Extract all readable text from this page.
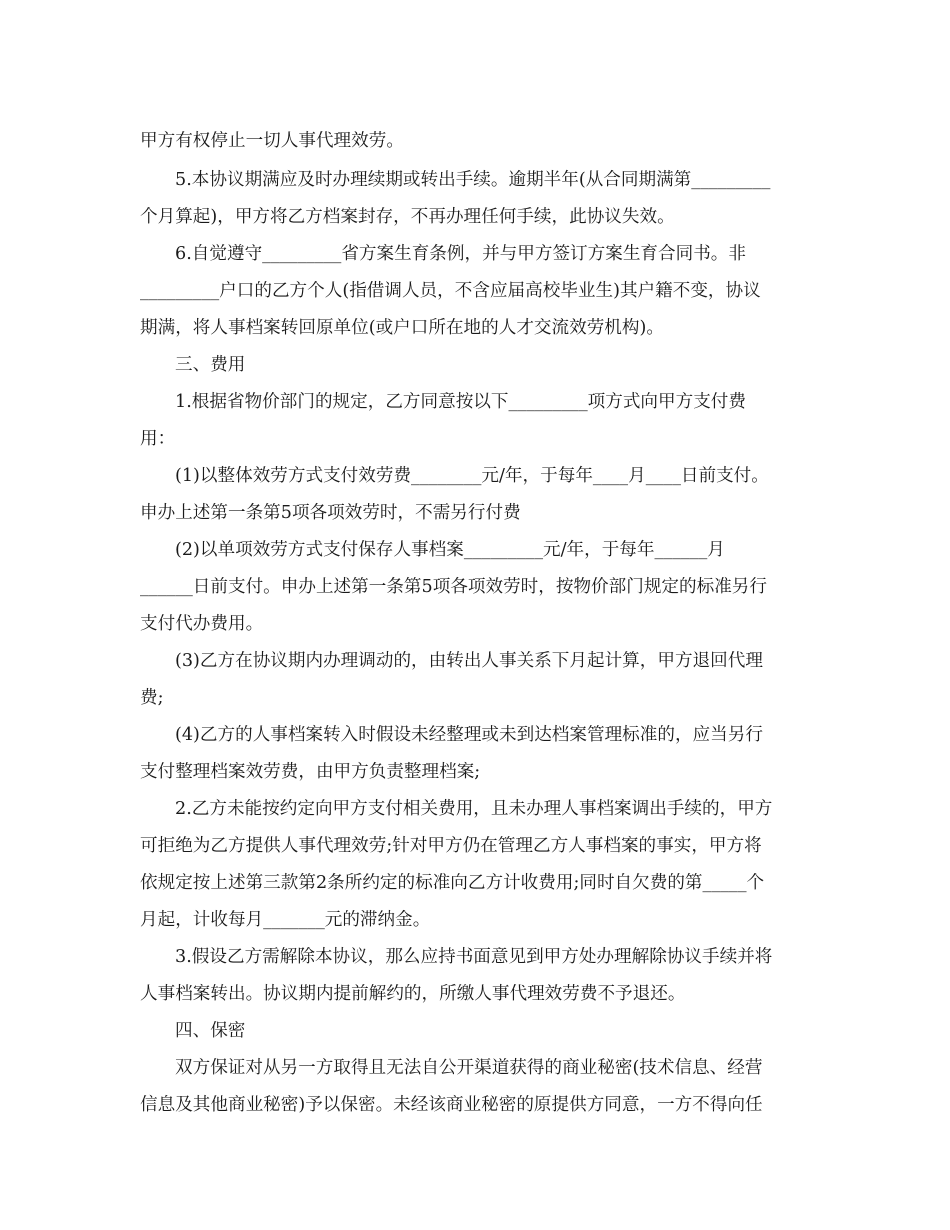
甲方有权停止一切人事代理效劳。
5.本协议期满应及时办理续期或转出手续。逾期半年(从合同期满第_________
个月算起)，甲方将乙方档案封存，不再办理任何手续，此协议失效。
6.自觉遵守_________省方案生育条例，并与甲方签订方案生育合同书。非
_________户口的乙方个人(指借调人员，不含应届高校毕业生)其户籍不变，协议
期满，将人事档案转回原单位(或户口所在地的人才交流效劳机构)。
三、费用
1.根据省物价部门的规定，乙方同意按以下_________项方式向甲方支付费
用：
(1)以整体效劳方式支付效劳费________元/年，于每年____月____日前支付。
申办上述第一条第5项各项效劳时，不需另行付费
(2)以单项效劳方式支付保存人事档案_________元/年，于每年______月
______日前支付。申办上述第一条第5项各项效劳时，按物价部门规定的标准另行
支付代办费用。
(3)乙方在协议期内办理调动的，由转出人事关系下月起计算，甲方退回代理
费;
(4)乙方的人事档案转入时假设未经整理或未到达档案管理标准的，应当另行
支付整理档案效劳费，由甲方负责整理档案;
2.乙方未能按约定向甲方支付相关费用，且未办理人事档案调出手续的，甲方
可拒绝为乙方提供人事代理效劳;针对甲方仍在管理乙方人事档案的事实，甲方将
依规定按上述第三款第2条所约定的标准向乙方计收费用;同时自欠费的第_____个
月起，计收每月_______元的滞纳金。
3.假设乙方需解除本协议，那么应持书面意见到甲方处办理解除协议手续并将
人事档案转出。协议期内提前解约的，所缴人事代理效劳费不予退还。
四、保密
双方保证对从另一方取得且无法自公开渠道获得的商业秘密(技术信息、经营
信息及其他商业秘密)予以保密。未经该商业秘密的原提供方同意，一方不得向任
